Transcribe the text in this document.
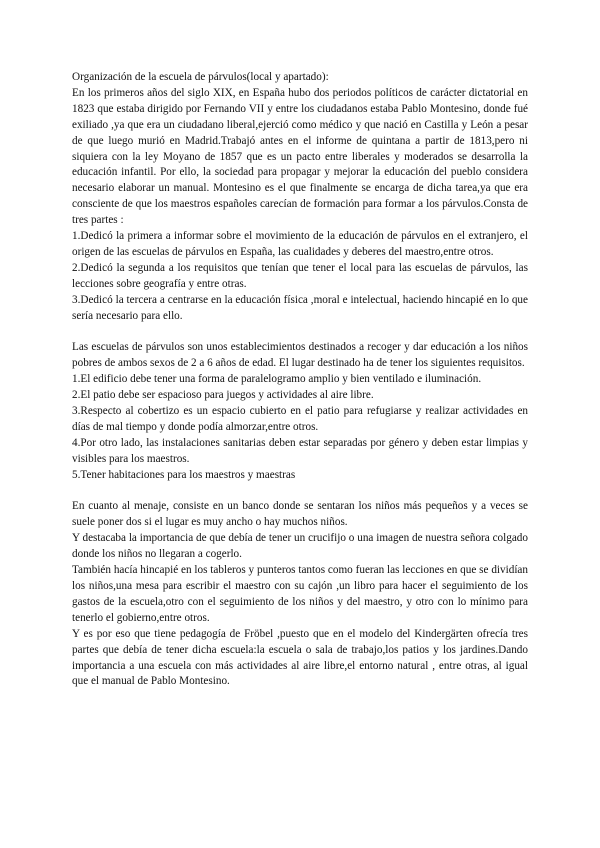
Organización de la escuela de párvulos(local y apartado):

En los primeros años del siglo XIX, en España hubo dos periodos políticos de carácter dictatorial en 1823 que estaba dirigido por Fernando VII y entre los ciudadanos estaba Pablo Montesino, donde fué exiliado ,ya que era un ciudadano liberal,ejerció como médico y que nació en Castilla y León a pesar de que luego murió en Madrid.Trabajó antes en el informe de quintana a partir de 1813,pero ni siquiera con la ley Moyano de 1857 que es un pacto entre liberales y moderados se desarrolla la educación infantil. Por ello, la sociedad para propagar y mejorar la educación del pueblo considera necesario elaborar un manual. Montesino es el que finalmente se encarga de dicha tarea,ya que era consciente de que los maestros españoles carecían de formación para formar a los párvulos.Consta de tres partes :

1.Dedicó la primera a informar sobre el movimiento de la educación de párvulos en el extranjero, el origen de las escuelas de párvulos en España, las cualidades y deberes del maestro,entre otros.

2.Dedicó la segunda a los requisitos que tenían que tener el local para las escuelas de párvulos, las lecciones sobre geografía y entre otras.

3.Dedicó la tercera a centrarse en la educación física ,moral e intelectual, haciendo hincapié en lo que sería necesario para ello.

Las escuelas de párvulos son unos establecimientos destinados a recoger y dar educación a los niños pobres de ambos sexos de 2 a 6 años de edad. El lugar destinado ha de tener los siguientes requisitos.

1.El edificio debe tener una forma de paralelogramo amplio y bien ventilado e iluminación.

2.El patio debe ser espacioso para juegos y actividades al aire libre.

3.Respecto al cobertizo es un espacio cubierto en el patio para refugiarse y realizar actividades en días de mal tiempo y donde podía almorzar,entre otros.

4.Por otro lado, las instalaciones sanitarias deben estar separadas por género y deben estar limpias y visibles para los maestros.

5.Tener habitaciones para los maestros y maestras

En cuanto al menaje, consiste en un banco donde se sentaran los niños más pequeños y a veces se suele poner dos si el lugar es muy ancho o hay muchos niños.

Y destacaba la importancia de que debía de tener un crucifijo o una imagen de nuestra señora colgado donde los niños no llegaran a cogerlo.

También hacía hincapié en los tableros y punteros tantos como fueran las lecciones en que se dividían los niños,una mesa para escribir el maestro con su cajón ,un libro para hacer el seguimiento de los gastos de la escuela,otro con el seguimiento de los niños y del maestro, y otro con lo mínimo para tenerlo el gobierno,entre otros.

Y es por eso que tiene pedagogía de Fröbel ,puesto que en el modelo del Kindergärten ofrecía tres partes que debía de tener dicha escuela:la escuela o sala de trabajo,los patios y los jardines.Dando importancia a una escuela con más actividades al aire libre,el entorno natural , entre otras, al igual que el manual de Pablo Montesino.
